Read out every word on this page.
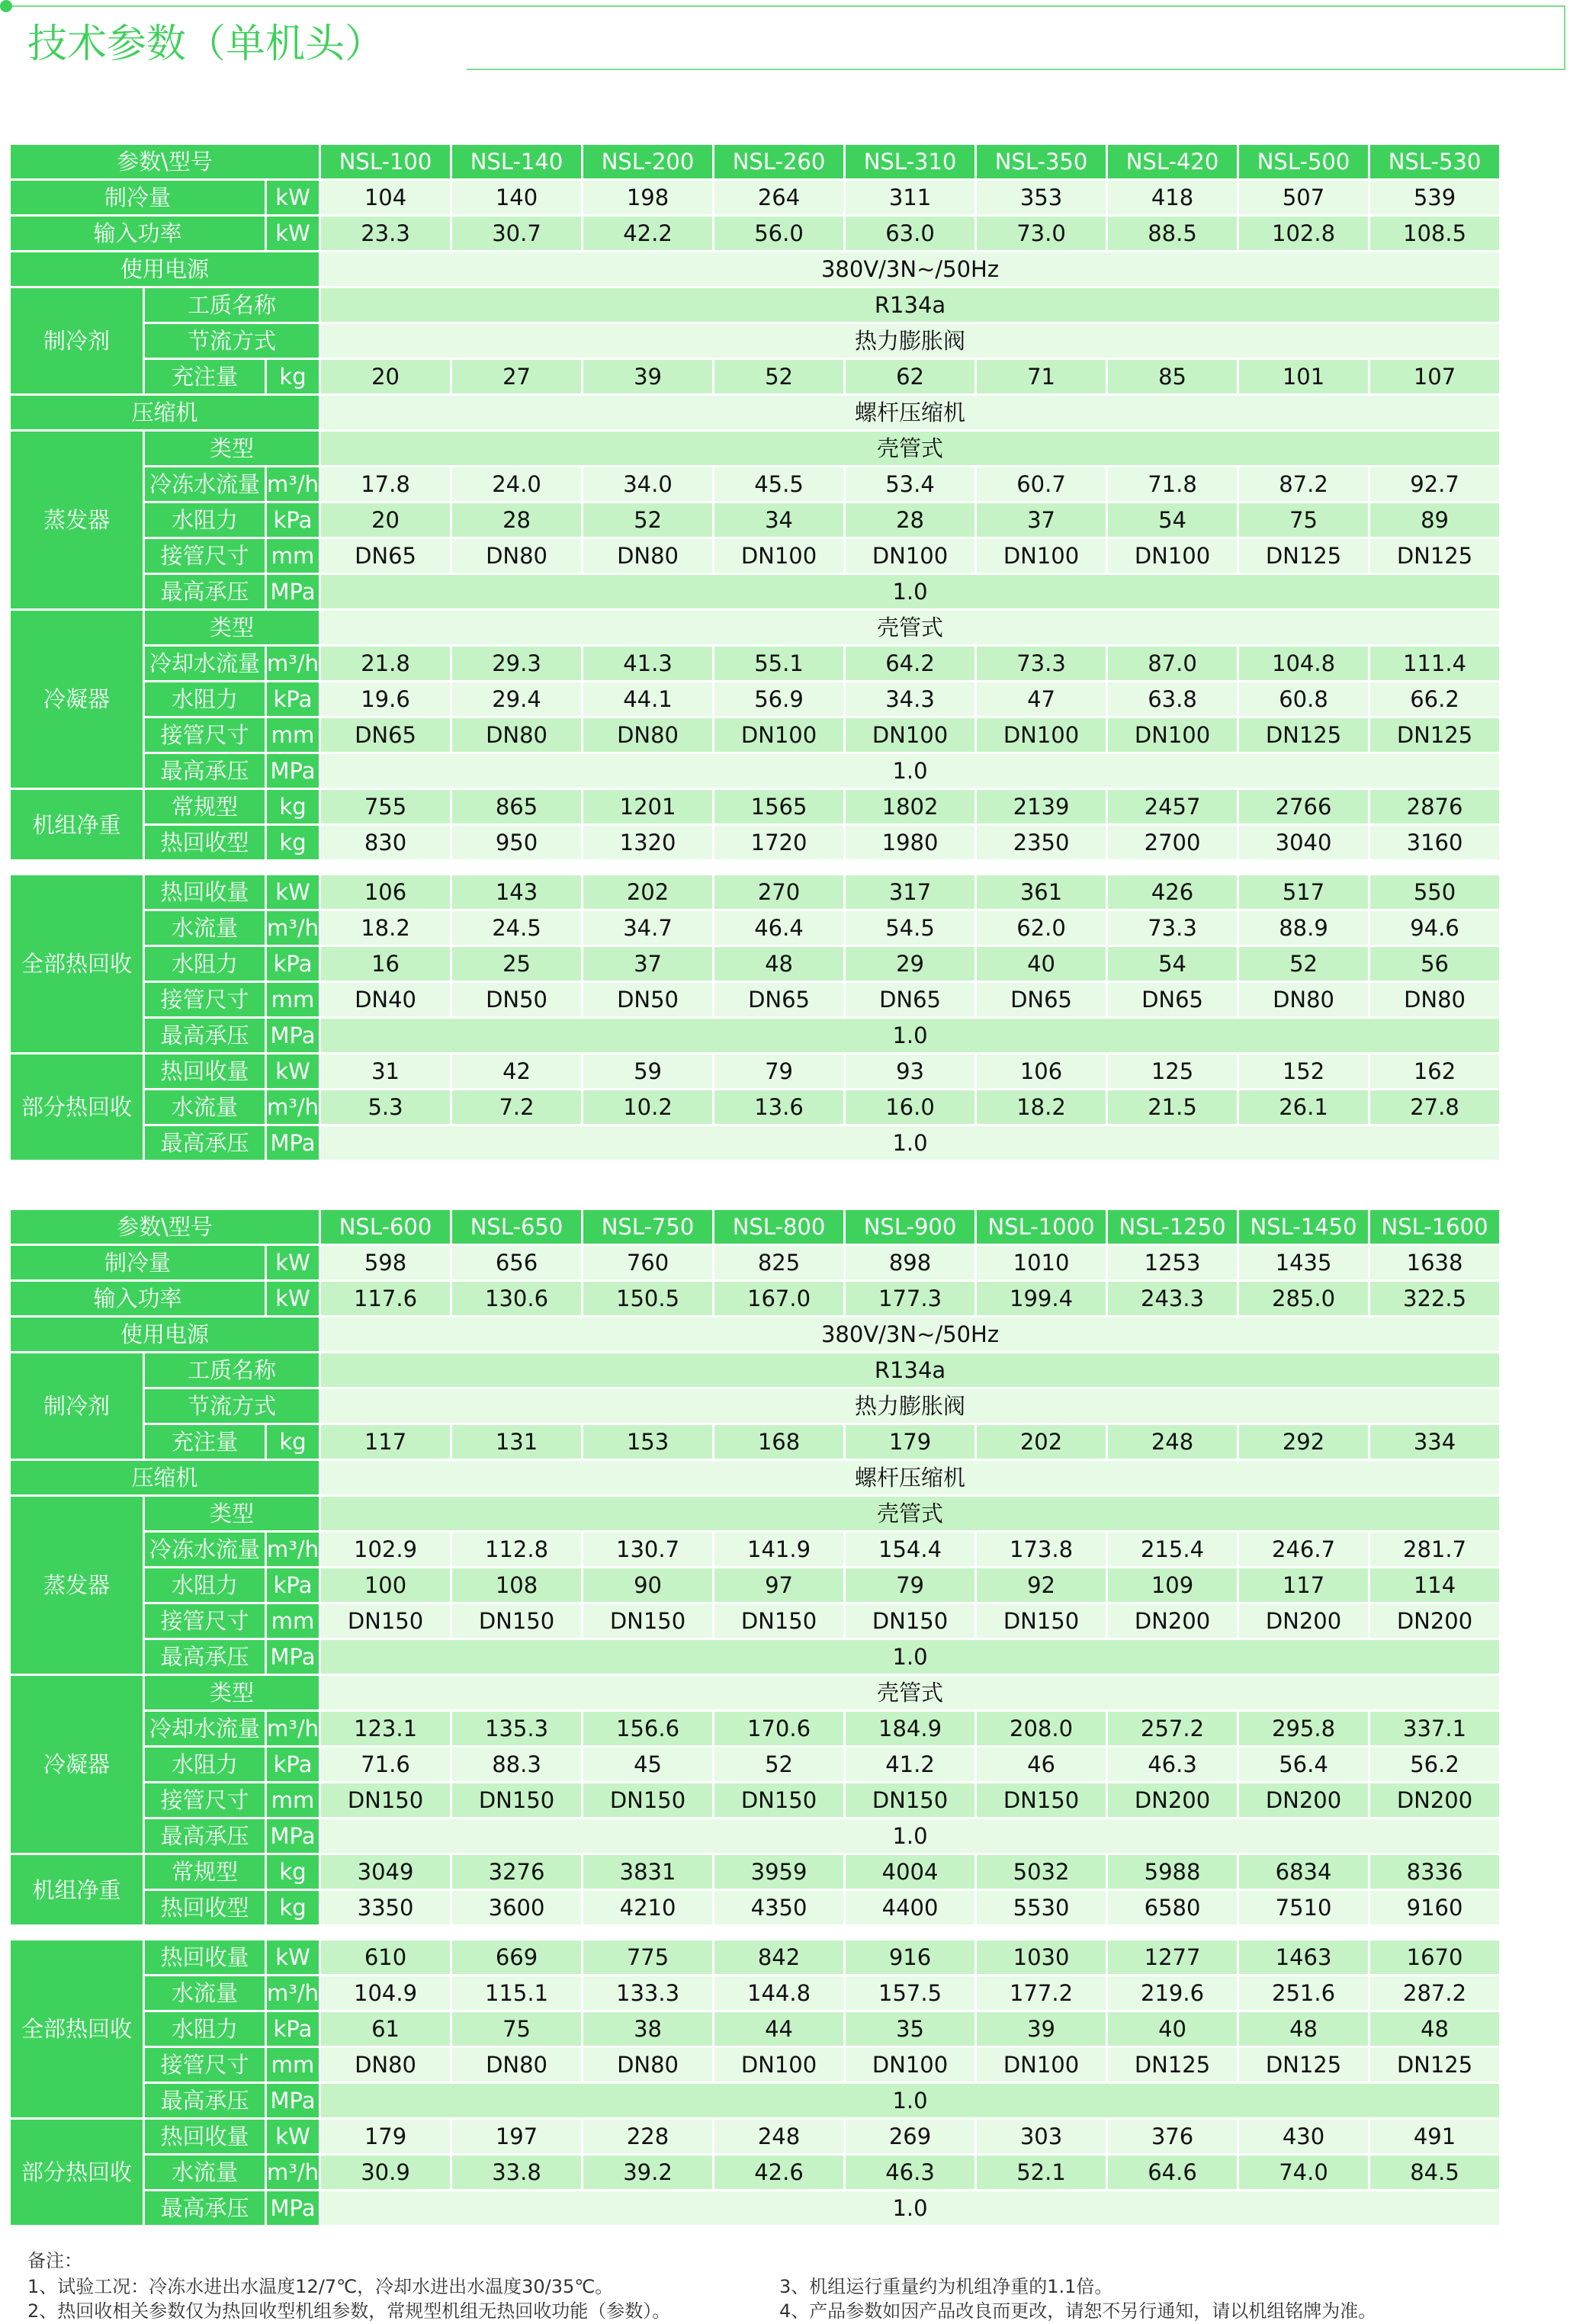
技术参数（单机头）
参数\型号			NSL-100	NSL-140	NSL-200	NSL-260	NSL-310	NSL-350	NSL-420	NSL-500	NSL-530
制冷量		kW	104	140	198	264	311	353	418	507	539
输入功率		kW	23.3	30.7	42.2	56.0	63.0	73.0	88.5	102.8	108.5
使用电源			380V/3N~/50Hz								
制冷剂	工质名称		R134a								
	节流方式		热力膨胀阀								
	充注量	kg	20	27	39	52	62	71	85	101	107
压缩机			螺杆压缩机								
蒸发器	类型		壳管式								
	冷冻水流量	m³/h	17.8	24.0	34.0	45.5	53.4	60.7	71.8	87.2	92.7
	水阻力	kPa	20	28	52	34	28	37	54	75	89
	接管尺寸	mm	DN65	DN80	DN80	DN100	DN100	DN100	DN100	DN125	DN125
	最高承压	MPa	1.0								
冷凝器	类型		壳管式								
	冷却水流量	m³/h	21.8	29.3	41.3	55.1	64.2	73.3	87.0	104.8	111.4
	水阻力	kPa	19.6	29.4	44.1	56.9	34.3	47	63.8	60.8	66.2
	接管尺寸	mm	DN65	DN80	DN80	DN100	DN100	DN100	DN100	DN125	DN125
	最高承压	MPa	1.0								
机组净重	常规型	kg	755	865	1201	1565	1802	2139	2457	2766	2876
	热回收型	kg	830	950	1320	1720	1980	2350	2700	3040	3160

全部热回收	热回收量	kW	106	143	202	270	317	361	426	517	550
	水流量	m³/h	18.2	24.5	34.7	46.4	54.5	62.0	73.3	88.9	94.6
	水阻力	kPa	16	25	37	48	29	40	54	52	56
	接管尺寸	mm	DN40	DN50	DN50	DN65	DN65	DN65	DN65	DN80	DN80
	最高承压	MPa	1.0								
部分热回收	热回收量	kW	31	42	59	79	93	106	125	152	162
	水流量	m³/h	5.3	7.2	10.2	13.6	16.0	18.2	21.5	26.1	27.8
	最高承压	MPa	1.0								
参数\型号			NSL-600	NSL-650	NSL-750	NSL-800	NSL-900	NSL-1000	NSL-1250	NSL-1450	NSL-1600
制冷量		kW	598	656	760	825	898	1010	1253	1435	1638
输入功率		kW	117.6	130.6	150.5	167.0	177.3	199.4	243.3	285.0	322.5
使用电源			380V/3N~/50Hz								
制冷剂	工质名称		R134a								
	节流方式		热力膨胀阀								
	充注量	kg	117	131	153	168	179	202	248	292	334
压缩机			螺杆压缩机								
蒸发器	类型		壳管式								
	冷冻水流量	m³/h	102.9	112.8	130.7	141.9	154.4	173.8	215.4	246.7	281.7
	水阻力	kPa	100	108	90	97	79	92	109	117	114
	接管尺寸	mm	DN150	DN150	DN150	DN150	DN150	DN150	DN200	DN200	DN200
	最高承压	MPa	1.0								
冷凝器	类型		壳管式								
	冷却水流量	m³/h	123.1	135.3	156.6	170.6	184.9	208.0	257.2	295.8	337.1
	水阻力	kPa	71.6	88.3	45	52	41.2	46	46.3	56.4	56.2
	接管尺寸	mm	DN150	DN150	DN150	DN150	DN150	DN150	DN200	DN200	DN200
	最高承压	MPa	1.0								
机组净重	常规型	kg	3049	3276	3831	3959	4004	5032	5988	6834	8336
	热回收型	kg	3350	3600	4210	4350	4400	5530	6580	7510	9160

全部热回收	热回收量	kW	610	669	775	842	916	1030	1277	1463	1670
	水流量	m³/h	104.9	115.1	133.3	144.8	157.5	177.2	219.6	251.6	287.2
	水阻力	kPa	61	75	38	44	35	39	40	48	48
	接管尺寸	mm	DN80	DN80	DN80	DN100	DN100	DN100	DN125	DN125	DN125
	最高承压	MPa	1.0								
部分热回收	热回收量	kW	179	197	228	248	269	303	376	430	491
	水流量	m³/h	30.9	33.8	39.2	42.6	46.3	52.1	64.6	74.0	84.5
	最高承压	MPa	1.0								
备注：
1、试验工况：冷冻水进出水温度12/7℃，冷却水进出水温度30/35℃。
2、热回收相关参数仅为热回收型机组参数，常规型机组无热回收功能（参数）。
3、机组运行重量约为机组净重的1.1倍。
4、产品参数如因产品改良而更改，请恕不另行通知，请以机组铭牌为准。
